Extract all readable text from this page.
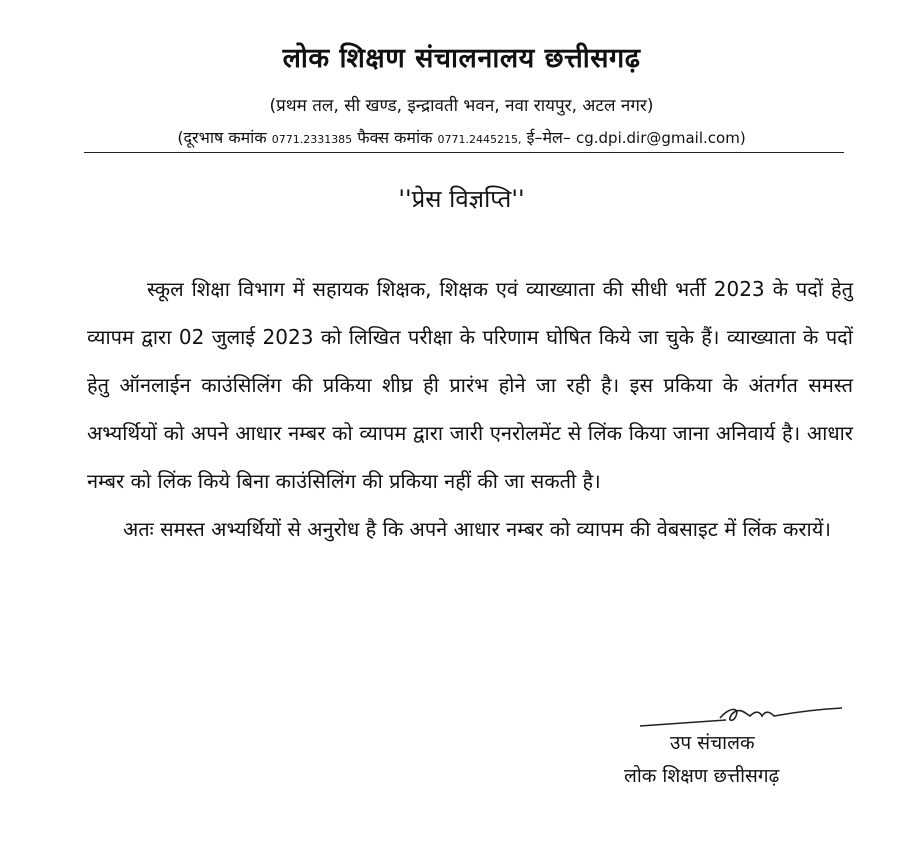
लोक शिक्षण संचालनालय छत्तीसगढ़
(प्रथम तल, सी खण्ड, इन्द्रावती भवन, नवा रायपुर, अटल नगर)
(दूरभाष कमांक 0771.2331385 फैक्स कमांक 0771.2445215, ई–मेल– cg.dpi.dir@gmail.com)
''प्रेस विज्ञप्ति''

स्कूल शिक्षा विभाग में सहायक शिक्षक, शिक्षक एवं व्याख्याता की सीधी भर्ती 2023 के पदों हेतु व्यापम द्वारा 02 जुलाई 2023 को लिखित परीक्षा के परिणाम घोषित किये जा चुके हैं। व्याख्याता के पदों हेतु ऑनलाईन काउंसिलिंग की प्रकिया शीघ्र ही प्रारंभ होने जा रही है। इस प्रकिया के अंतर्गत समस्त अभ्यर्थियों को अपने आधार नम्बर को व्यापम द्वारा जारी एनरोलमेंट से लिंक किया जाना अनिवार्य है। आधार नम्बर को लिंक किये बिना काउंसिलिंग की प्रकिया नहीं की जा सकती है।

अतः समस्त अभ्यर्थियों से अनुरोध है कि अपने आधार नम्बर को व्यापम की वेबसाइट में लिंक करायें।

उप संचालक
लोक शिक्षण छत्तीसगढ़
